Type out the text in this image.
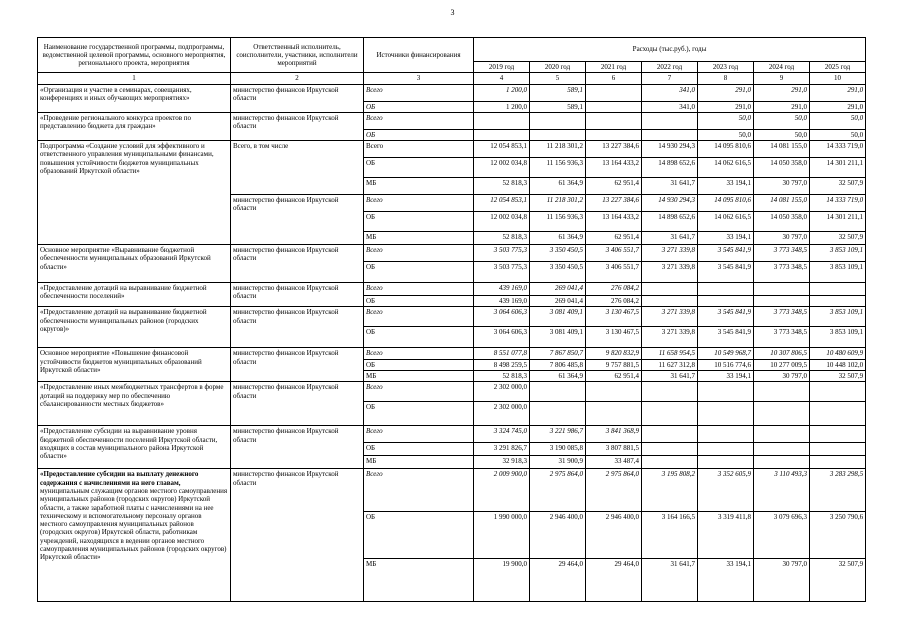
3
Наименование государственной программы, подпрограммы, ведомственной целевой программы, основного мероприятия, регионального проекта, мероприятия	Ответственный исполнитель, соисполнители, участники, исполнители мероприятий	Источники финансирования	Расходы (тыс.руб.), годы						
			2019 год	2020 год	2021 год	2022 год	2023 год	2024 год	2025 год
1	2	3	4	5	6	7	8	9	10
«Организация и участие в семинарах, совещаниях, конференциях и иных обучающих мероприятиях»	министерство финансов Иркутской области	Всего	1 200,0	589,1		341,0	291,0	291,0	291,0
		ОБ	1 200,0	589,1		341,0	291,0	291,0	291,0
«Проведение регионального конкурса проектов по представлению бюджета для граждан»	министерство финансов Иркутской области	Всего					50,0	50,0	50,0
		ОБ					50,0	50,0	50,0
Подпрограмма «Создание условий для эффективного и ответственного управления муниципальными финансами, повышения устойчивости бюджетов муниципальных образований Иркутской области»	Всего, в том числе	Всего	12 054 853,1	11 218 301,2	13 227 384,6	14 930 294,3	14 095 810,6	14 081 155,0	14 333 719,0
		ОБ	12 002 034,8	11 156 936,3	13 164 433,2	14 898 652,6	14 062 616,5	14 050 358,0	14 301 211,1
		МБ	52 818,3	61 364,9	62 951,4	31 641,7	33 194,1	30 797,0	32 507,9
	министерство финансов Иркутской области	Всего	12 054 853,1	11 218 301,2	13 227 384,6	14 930 294,3	14 095 810,6	14 081 155,0	14 333 719,0
		ОБ	12 002 034,8	11 156 936,3	13 164 433,2	14 898 652,6	14 062 616,5	14 050 358,0	14 301 211,1
		МБ	52 818,3	61 364,9	62 951,4	31 641,7	33 194,1	30 797,0	32 507,9
Основное мероприятие «Выравнивание бюджетной обеспеченности муниципальных образований Иркутской области»	министерство финансов Иркутской области	Всего	3 503 775,3	3 350 450,5	3 406 551,7	3 271 339,8	3 545 841,9	3 773 348,5	3 853 109,1
		ОБ	3 503 775,3	3 350 450,5	3 406 551,7	3 271 339,8	3 545 841,9	3 773 348,5	3 853 109,1
«Предоставление дотаций на выравнивание бюджетной обеспеченности поселений»	министерство финансов Иркутской области	Всего	439 169,0	269 041,4	276 084,2				
		ОБ	439 169,0	269 041,4	276 084,2				
«Предоставление дотаций на выравнивание бюджетной обеспеченности муниципальных районов (городских округов)»	министерство финансов Иркутской области	Всего	3 064 606,3	3 081 409,1	3 130 467,5	3 271 339,8	3 545 841,9	3 773 348,5	3 853 109,1
		ОБ	3 064 606,3	3 081 409,1	3 130 467,5	3 271 339,8	3 545 841,9	3 773 348,5	3 853 109,1
Основное мероприятие «Повышение финансовой устойчивости бюджетов муниципальных образований Иркутской области»	министерство финансов Иркутской области	Всего	8 551 077,8	7 867 850,7	9 820 832,9	11 658 954,5	10 549 968,7	10 307 806,5	10 480 609,9
		ОБ	8 498 259,5	7 806 485,8	9 757 881,5	11 627 312,8	10 516 774,6	10 277 009,5	10 448 102,0
		МБ	52 818,3	61 364,9	62 951,4	31 641,7	33 194,1	30 797,0	32 507,9
«Предоставление иных межбюджетных трансфертов в форме дотаций на поддержку мер по обеспечению сбалансированности местных бюджетов»	министерство финансов Иркутской области	Всего	2 302 000,0						
		ОБ	2 302 000,0						
«Предоставление субсидии на выравнивание уровня бюджетной обеспеченности поселений Иркутской области, входящих в состав муниципального района Иркутской области»	министерство финансов Иркутской области	Всего	3 324 745,0	3 221 986,7	3 841 368,9				
		ОБ	3 291 826,7	3 190 085,8	3 807 881,5				
		МБ	32 918,3	31 900,9	33 487,4				
«Предоставление субсидии на выплату денежного содержания с начислениями на него главам, муниципальным служащим органов местного самоуправления муниципальных районов (городских округов) Иркутской области, а также заработной платы с начислениями на нее техническому и вспомогательному персоналу органов местного самоуправления муниципальных районов (городских округов) Иркутской области, работникам учреждений, находящихся в ведении органов местного самоуправления муниципальных районов (городских округов) Иркутской области»	министерство финансов Иркутской области	Всего	2 009 900,0	2 975 864,0	2 975 864,0	3 195 808,2	3 352 605,9	3 110 493,3	3 283 298,5
		ОБ	1 990 000,0	2 946 400,0	2 946 400,0	3 164 166,5	3 319 411,8	3 079 696,3	3 250 790,6
		МБ	19 900,0	29 464,0	29 464,0	31 641,7	33 194,1	30 797,0	32 507,9
